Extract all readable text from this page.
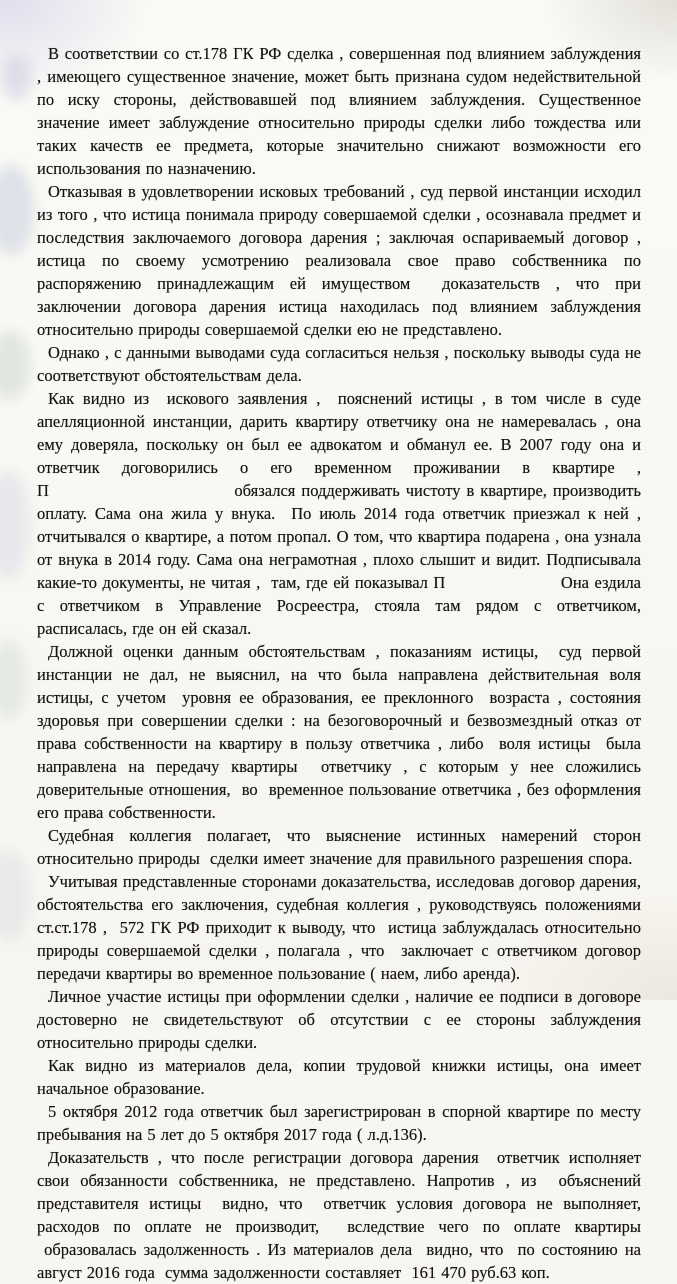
В соответствии со ст.178 ГК РФ сделка , совершенная под влиянием заблуждения , имеющего существенное значение, может быть признана судом недействительной по иску стороны, действовавшей под влиянием заблуждения. Существенное значение имеет заблуждение относительно природы сделки либо тождества или таких качеств ее предмета, которые значительно снижают возможности его использования по назначению.

Отказывая в удовлетворении исковых требований , суд первой инстанции исходил из того , что истица понимала природу совершаемой сделки , осознавала предмет и последствия заключаемого договора дарения ; заключая оспариваемый договор , истица по своему усмотрению реализовала свое право собственника по распоряжению принадлежащим ей имуществом  доказательств , что при заключении договора дарения истица находилась под влиянием заблуждения относительно природы совершаемой сделки ею не представлено.

Однако , с данными выводами суда согласиться нельзя , поскольку выводы суда не соответствуют обстоятельствам дела.

Как видно из  искового заявления ,  пояснений истицы , в том числе в суде апелляционной инстанции, дарить квартиру ответчику она не намеревалась , она ему доверяла, поскольку он был ее адвокатом и обманул ее. В 2007 году она и ответчик договорились о его временном проживании в квартире , П                               обязался поддерживать чистоту в квартире, производить оплату. Сама она жила у внука.  По июль 2014 года ответчик приезжал к ней , отчитывался о квартире, а потом пропал. О том, что квартира подарена , она узнала от внука в 2014 году. Сама она неграмотная , плохо слышит и видит. Подписывала какие-то документы, не читая ,  там, где ей показывал П                     Она ездила с ответчиком в Управление Росреестра, стояла там рядом с ответчиком, расписалась, где он ей сказал.

Должной оценки данным обстоятельствам , показаниям истицы,  суд первой инстанции не дал, не выяснил, на что была направлена действительная воля истицы, с учетом  уровня ее образования, ее преклонного  возраста , состояния здоровья при совершении сделки : на безоговорочный и безвозмездный отказ от права собственности на квартиру в пользу ответчика , либо  воля истицы  была направлена на передачу квартиры  ответчику , с которым у нее сложились доверительные отношения,  во  временное пользование ответчика , без оформления его права собственности.

Судебная коллегия полагает, что выяснение истинных намерений сторон относительно природы  сделки имеет значение для правильного разрешения спора.

Учитывая представленные сторонами доказательства, исследовав договор дарения, обстоятельства его заключения, судебная коллегия , руководствуясь положениями ст.ст.178 ,  572 ГК РФ приходит к выводу, что  истица заблуждалась относительно природы совершаемой сделки , полагала , что  заключает с ответчиком договор передачи квартиры во временное пользование ( наем, либо аренда).

Личное участие истицы при оформлении сделки , наличие ее подписи в договоре достоверно не свидетельствуют об отсутствии с ее стороны заблуждения относительно природы сделки.

Как видно из материалов дела, копии трудовой книжки истицы, она имеет начальное образование.

5 октября 2012 года ответчик был зарегистрирован в спорной квартире по месту пребывания на 5 лет до 5 октября 2017 года ( л.д.136).

Доказательств , что после регистрации договора дарения  ответчик исполняет свои обязанности собственника, не представлено. Напротив , из  объяснений представителя истицы  видно, что  ответчик условия договора не выполняет, расходов по оплате не производит,  вследствие чего по оплате квартиры  образовалась задолженность . Из материалов дела  видно, что  по состоянию на август 2016 года  сумма задолженности составляет  161 470 руб.63 коп.
